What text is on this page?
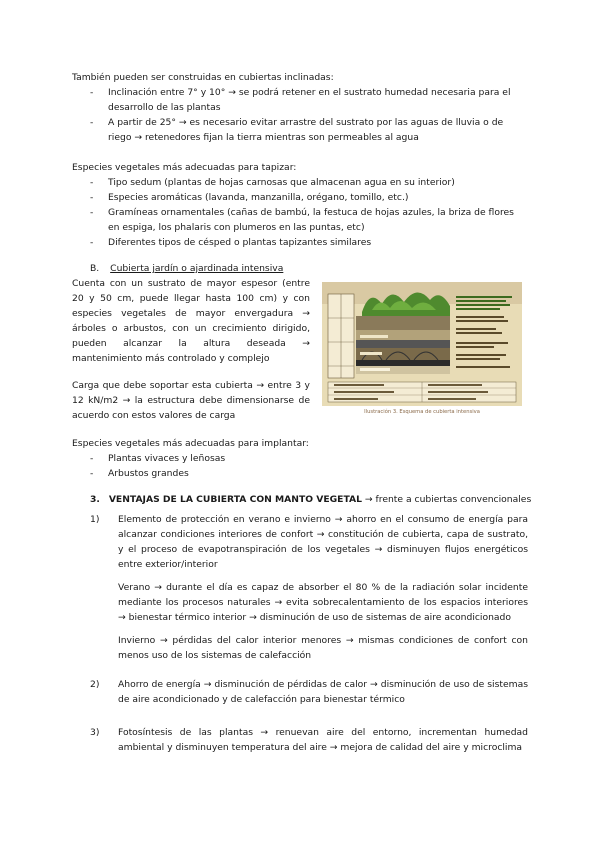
También pueden ser construidas en cubiertas inclinadas:
- Inclinación entre 7° y 10° → se podrá retener en el sustrato humedad necesaria para el desarrollo de las plantas
- A partir de 25° → es necesario evitar arrastre del sustrato por las aguas de lluvia o de riego → retenedores fijan la tierra mientras son permeables al agua
Especies vegetales más adecuadas para tapizar:
- Tipo sedum (plantas de hojas carnosas que almacenan agua en su interior)
- Especies aromáticas (lavanda, manzanilla, orégano, tomillo, etc.)
- Gramíneas ornamentales (cañas de bambú, la festuca de hojas azules, la briza de flores en espiga, los phalaris con plumeros en las puntas, etc)
- Diferentes tipos de césped o plantas tapizantes similares
B. Cubierta jardín o ajardinada intensiva
Cuenta con un sustrato de mayor espesor (entre 20 y 50 cm, puede llegar hasta 100 cm) y con especies vegetales de mayor envergadura → árboles o arbustos, con un crecimiento dirigido, pueden alcanzar la altura deseada → mantenimiento más controlado y complejo
Carga que debe soportar esta cubierta → entre 3 y 12 kN/m2 → la estructura debe dimensionarse de acuerdo con estos valores de carga	Ilustración 3. Esquema de cubierta intensiva
Especies vegetales más adecuadas para implantar:
- Plantas vivaces y leñosas
- Arbustos grandes
3. VENTAJAS DE LA CUBIERTA CON MANTO VEGETAL → frente a cubiertas convencionales
1) Elemento de protección en verano e invierno → ahorro en el consumo de energía para alcanzar condiciones interiores de confort → constitución de cubierta, capa de sustrato, y el proceso de evapotranspiración de los vegetales → disminuyen flujos energéticos entre exterior/interior

Verano → durante el día es capaz de absorber el 80 % de la radiación solar incidente mediante los procesos naturales → evita sobrecalentamiento de los espacios interiores → bienestar térmico interior → disminución de uso de sistemas de aire acondicionado

Invierno → pérdidas del calor interior menores → mismas condiciones de confort con menos uso de los sistemas de calefacción

2) Ahorro de energía → disminución de pérdidas de calor → disminución de uso de sistemas de aire acondicionado y de calefacción para bienestar térmico

3) Fotosíntesis de las plantas → renuevan aire del entorno, incrementan humedad ambiental y disminuyen temperatura del aire → mejora de calidad del aire y microclima
